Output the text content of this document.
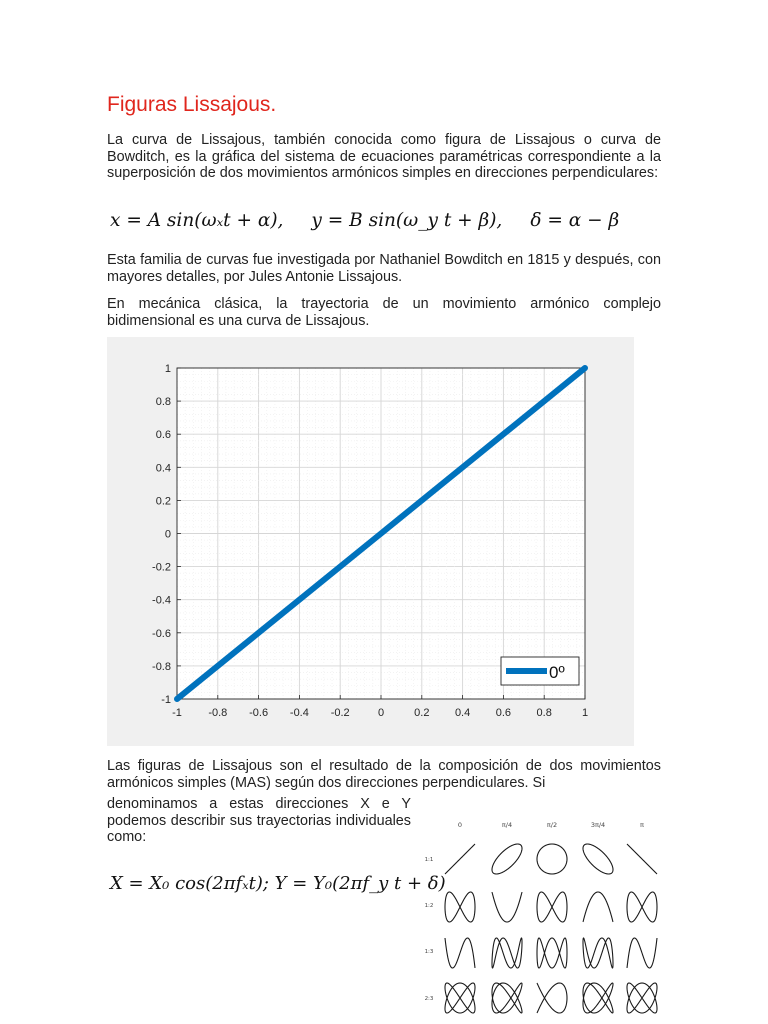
Figuras Lissajous.

La curva de Lissajous, también conocida como figura de Lissajous o curva de Bowditch, es la gráfica del sistema de ecuaciones paramétricas correspondiente a la superposición de dos movimientos armónicos simples en direcciones perpendiculares:

x = A sin(ωₓt + α), y = B sin(ω_y t + β), δ = α − β

Esta familia de curvas fue investigada por Nathaniel Bowditch en 1815 y después, con mayores detalles, por Jules Antonie Lissajous.

En mecánica clásica, la trayectoria de un movimiento armónico complejo bidimensional es una curva de Lissajous.

-1 -0.8 -0.6 -0.4 -0.2	0	0.2 0.4 0.6 0.8	1
1
0.8
0.6
0.4
0.2
0
-0.2
-0.4
-0.6
-0.8
-1
0º

Las figuras de Lissajous son el resultado de la composición de dos movimientos armónicos simples (MAS) según dos direcciones perpendiculares. Si

denominamos a estas direcciones X e Y podemos describir sus trayectorias individuales como:

X = X₀ cos(2πfₓt); Y = Y₀(2πf_y t + δ)
0	π/4	π/2	3π/4	π
1:1
1:2
1:3
2:3
